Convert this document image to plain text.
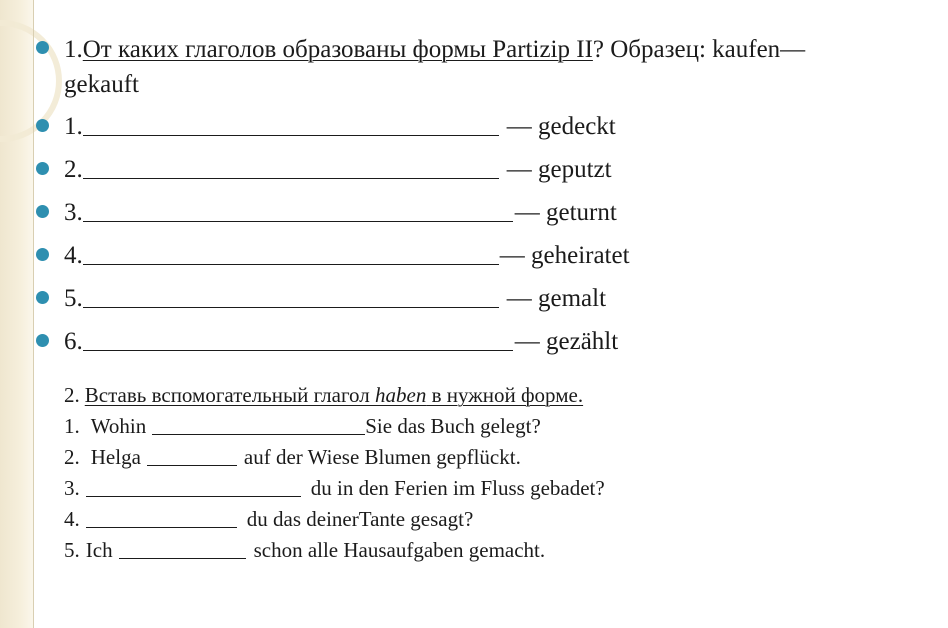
1. От каких глаголов образованы формы Partizip II ? Образец: kaufen—
gekauft
1.	— gedeckt
2.	— geputzt
3.	— geturnt
4.	— geheiratet
5.	— gemalt
6.	— gezählt
2. Вставь вспомогательный глагол haben в нужной форме.
1. Wohin	Sie das Buch gelegt?
2. Helga	auf der Wiese Blumen gepflückt.
3.	du in den Ferien im Fluss gebadet?
4.	du das deinerTante gesagt?
5. Ich	schon alle Hausaufgaben gemacht.
